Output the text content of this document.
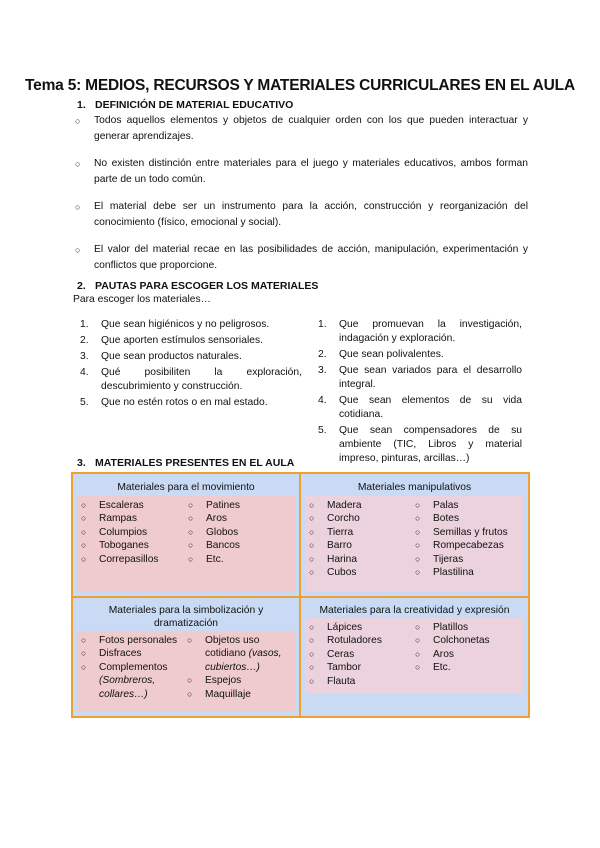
Tema 5: MEDIOS, RECURSOS Y MATERIALES CURRICULARES EN EL AULA
1. DEFINICIÓN DE MATERIAL EDUCATIVO
○ Todos aquellos elementos y objetos de cualquier orden con los que pueden interactuar y generar aprendizajes.
○ No existen distinción entre materiales para el juego y materiales educativos, ambos forman parte de un todo común.
○ El material debe ser un instrumento para la acción, construcción y reorganización del conocimiento (físico, emocional y social).
○ El valor del material recae en las posibilidades de acción, manipulación, experimentación y conflictos que proporcione.
2. PAUTAS PARA ESCOGER LOS MATERIALES
Para escoger los materiales…
1. Que sean higiénicos y no peligrosos.
2. Que aporten estímulos sensoriales.
3. Que sean productos naturales.
4. Qué posibiliten la exploración, descubrimiento y construcción.
5. Que no estén rotos o en mal estado.
1. Que promuevan la investigación, indagación y exploración.
2. Que sean polivalentes.
3. Que sean variados para el desarrollo integral.
4. Que sean elementos de su vida cotidiana.
5. Que sean compensadores de su ambiente (TIC, Libros y material impreso, pinturas, arcillas…)
3. MATERIALES PRESENTES EN EL AULA
Materiales para el movimiento
○ Escaleras
○ Rampas
○ Columpios
○ Toboganes
○ Correpasillos
○ Patines
○ Aros
○ Globos
○ Bancos
○ Etc.
Materiales manipulativos
○ Madera
○ Corcho
○ Tierra
○ Barro
○ Harina
○ Cubos
○ Palas
○ Botes
○ Semillas y frutos
○ Rompecabezas
○ Tijeras
○ Plastilina
Materiales para la simbolización y dramatización
○ Fotos personales
○ Disfraces
○ Complementos
(Sombreros, collares…)
○ Objetos uso cotidiano (vasos, cubiertos…)
○ Espejos
○ Maquillaje
Materiales para la creatividad y expresión
○ Lápices
○ Rotuladores
○ Ceras
○ Tambor
○ Flauta
○ Platillos
○ Colchonetas
○ Aros
○ Etc.
